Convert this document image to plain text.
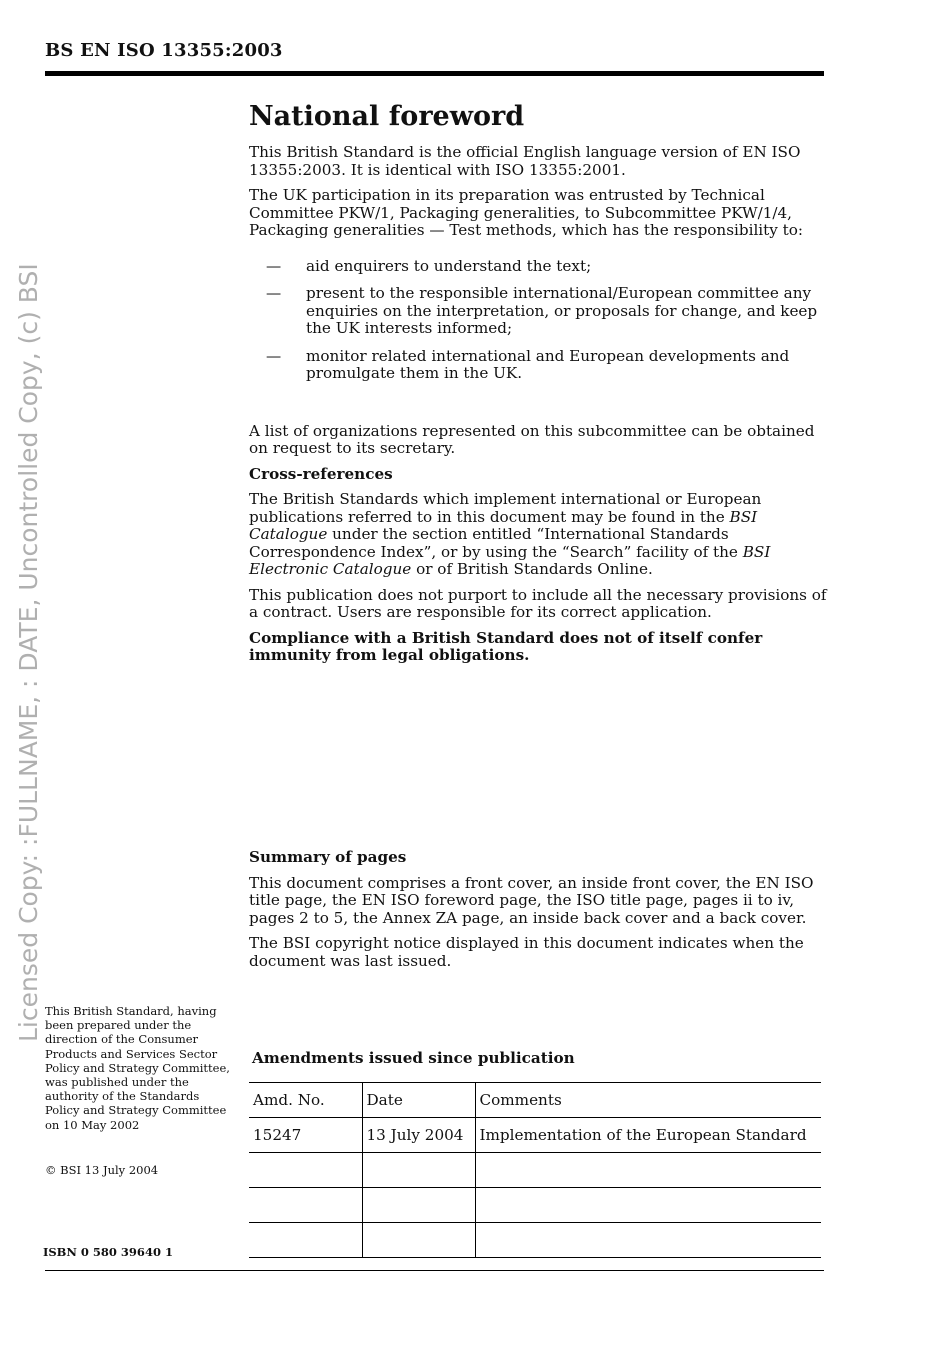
BS EN ISO 13355:2003
Licensed Copy: :FULLNAME, : DATE, Uncontrolled Copy, (c) BSI
National foreword

This British Standard is the official English language version of EN ISO 13355:2003. It is identical with ISO 13355:2001.

The UK participation in its preparation was entrusted by Technical Committee PKW/1, Packaging generalities, to Subcommittee PKW/1/4, Packaging generalities — Test methods, which has the responsibility to:

— aid enquirers to understand the text;
— present to the responsible international/European committee any enquiries on the interpretation, or proposals for change, and keep the UK interests informed;
— monitor related international and European developments and promulgate them in the UK.

A list of organizations represented on this subcommittee can be obtained on request to its secretary.

Cross-references

The British Standards which implement international or European publications referred to in this document may be found in the BSI Catalogue under the section entitled “International Standards Correspondence Index”, or by using the “Search” facility of the BSI Electronic Catalogue or of British Standards Online.

This publication does not purport to include all the necessary provisions of a contract. Users are responsible for its correct application.

Compliance with a British Standard does not of itself confer immunity from legal obligations.

Summary of pages

This document comprises a front cover, an inside front cover, the EN ISO title page, the EN ISO foreword page, the ISO title page, pages ii to iv, pages 2 to 5, the Annex ZA page, an inside back cover and a back cover.

The BSI copyright notice displayed in this document indicates when the document was last issued.

This British Standard, having been prepared under the direction of the Consumer Products and Services Sector Policy and Strategy Committee, was published under the authority of the Standards Policy and Strategy Committee on 10 May 2002
© BSI 13 July 2004
ISBN 0 580 39640 1
Amendments issued since publication
Amd. No.	Date	Comments
15247	13 July 2004	Implementation of the European Standard
